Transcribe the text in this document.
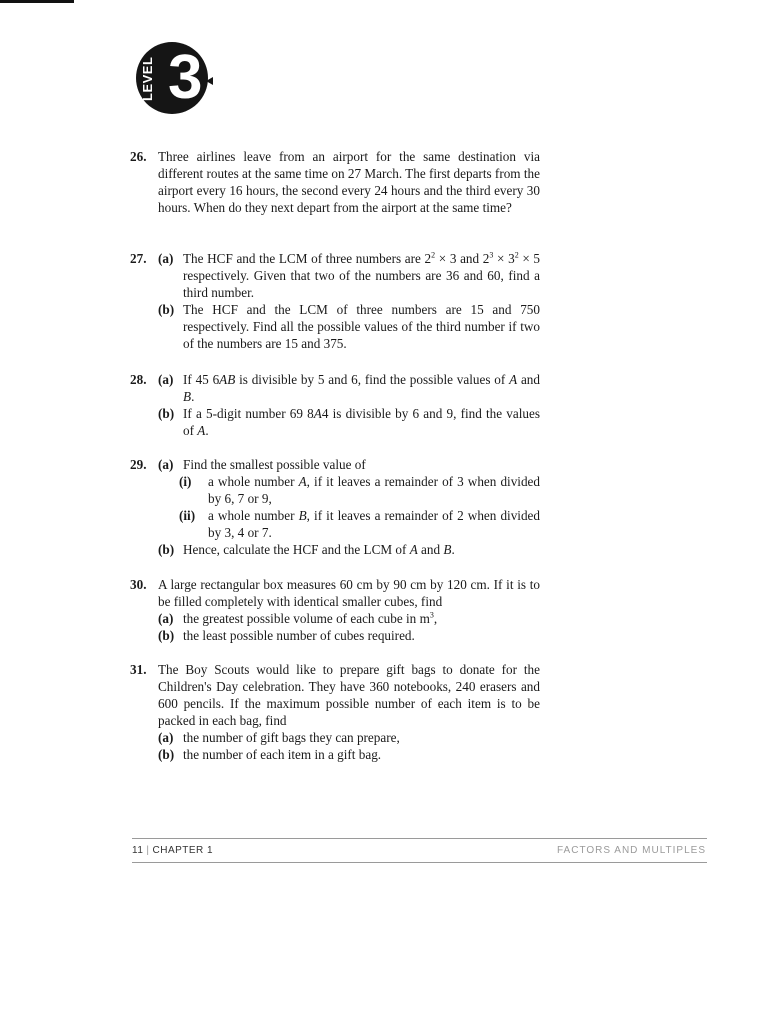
LEVEL 3
26. Three airlines leave from an airport for the same destination via different routes at the same time on 27 March. The first departs from the airport every 16 hours, the second every 24 hours and the third every 30 hours. When do they next depart from the airport at the same time?

27. (a) The HCF and the LCM of three numbers are $2^2 \times 3$ and $2^3 \times 3^2 \times 5$ respectively. Given that two of the numbers are 36 and 60, find a third number.
(b) The HCF and the LCM of three numbers are 15 and 750 respectively. Find all the possible values of the third number if two of the numbers are 15 and 375.
28. (a) If 45 6AB is divisible by 5 and 6, find the possible values of A and B.
(b) If a 5-digit number 69 8A4 is divisible by 6 and 9, find the values of A.
29. (a) Find the smallest possible value of
(i) a whole number A, if it leaves a remainder of 3 when divided by 6, 7 or 9,
(ii) a whole number B, if it leaves a remainder of 2 when divided by 3, 4 or 7.
(b) Hence, calculate the HCF and the LCM of A and B.
30. A large rectangular box measures 60 cm by 90 cm by 120 cm. If it is to be filled completely with identical smaller cubes, find

(a) the greatest possible volume of each cube in $m^3$,
(b) the least possible number of cubes required.
31. The Boy Scouts would like to prepare gift bags to donate for the Children's Day celebration. They have 360 notebooks, 240 erasers and 600 pencils. If the maximum possible number of each item is to be packed in each bag, find

(a) the number of gift bags they can prepare,
(b) the number of each item in a gift bag.
11 | CHAPTER 1	FACTORS AND MULTIPLES
